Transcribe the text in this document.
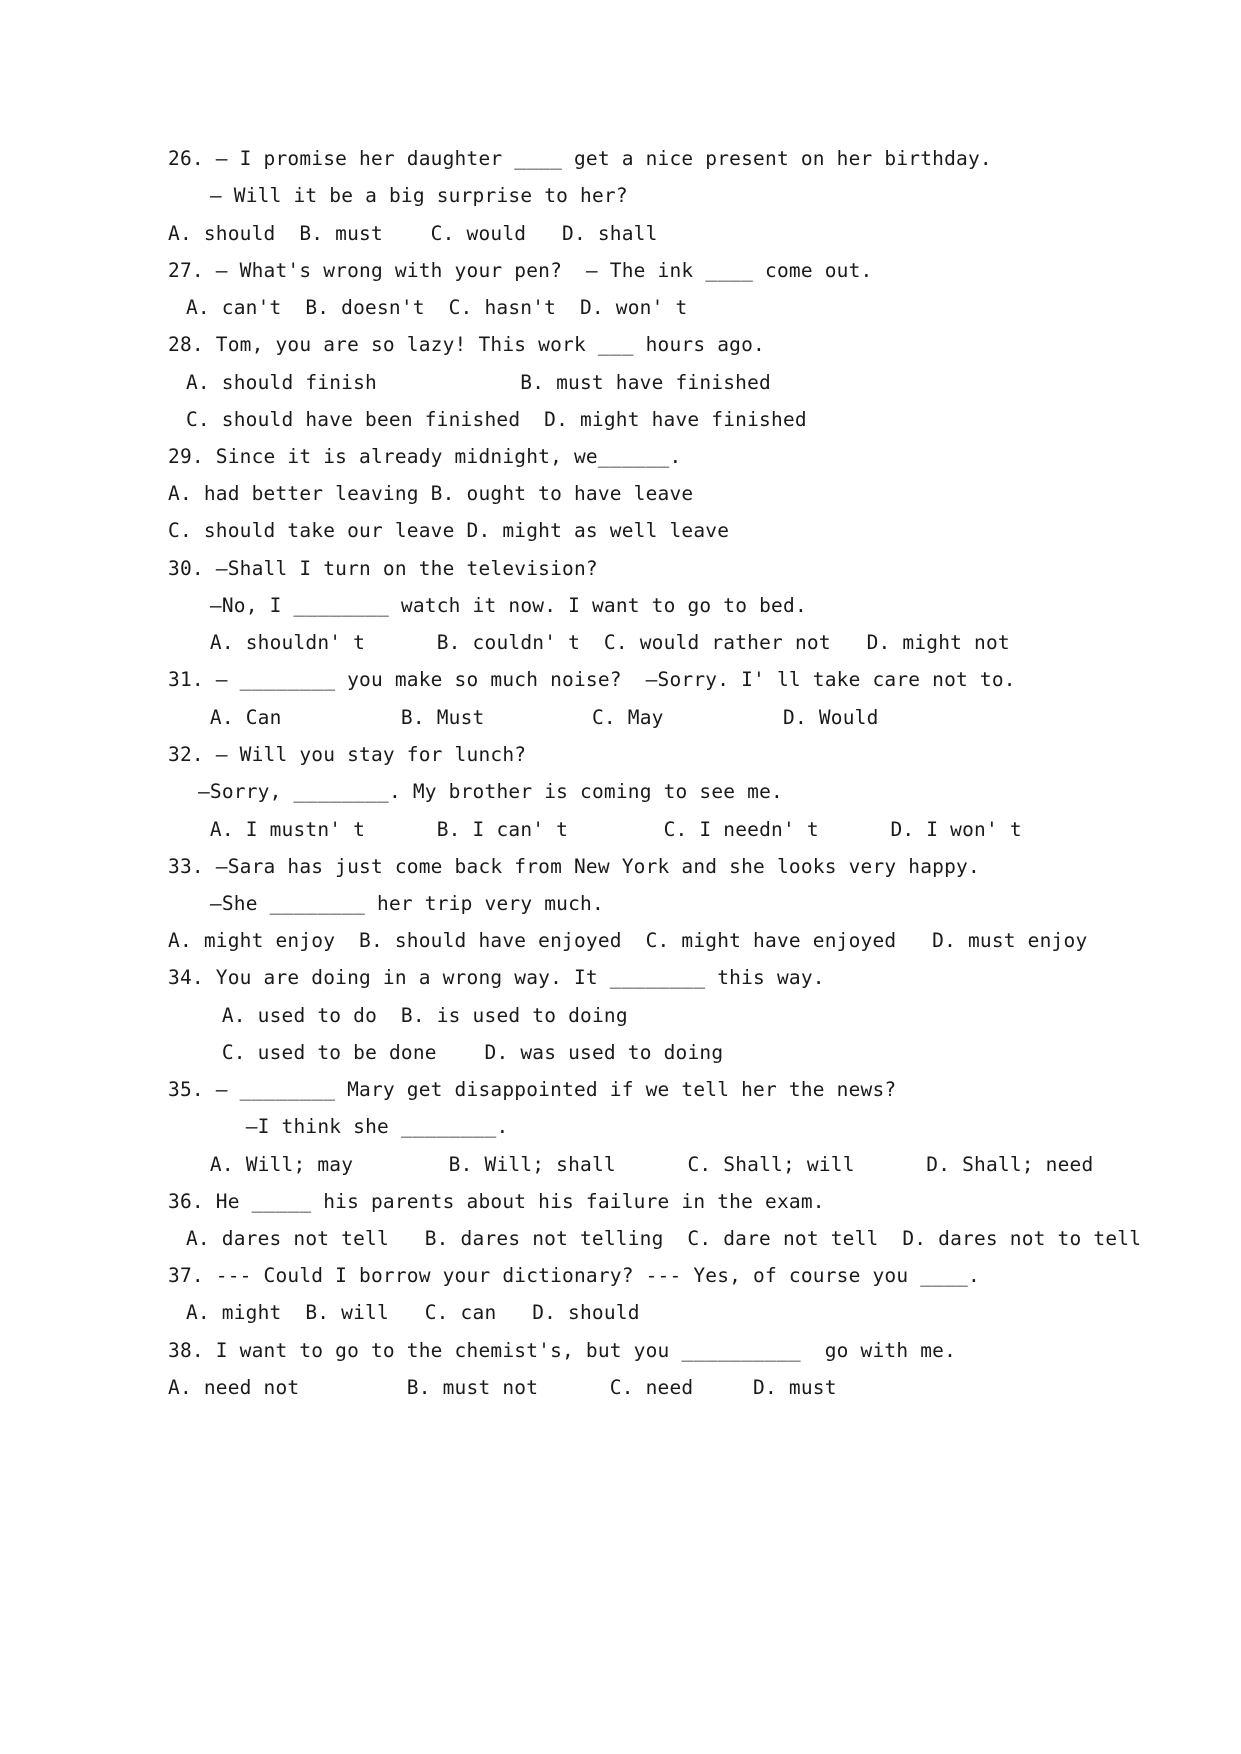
26. — I promise her daughter ____ get a nice present on her birthday.
— Will it be a big surprise to her?
A. should  B. must    C. would   D. shall
27. — What's wrong with your pen?  — The ink ____ come out.
A. can't  B. doesn't  C. hasn't  D. won' t
28. Tom, you are so lazy! This work ___ hours ago.
A. should finish            B. must have finished
C. should have been finished  D. might have finished
29. Since it is already midnight, we______.
A. had better leaving B. ought to have leave
C. should take our leave D. might as well leave
30. —Shall I turn on the television?
—No, I ________ watch it now. I want to go to bed.
A. shouldn' t      B. couldn' t  C. would rather not   D. might not
31. — ________ you make so much noise?  —Sorry. I' ll take care not to.
A. Can          B. Must         C. May          D. Would
32. — Will you stay for lunch?
—Sorry, ________. My brother is coming to see me.
A. I mustn' t      B. I can' t        C. I needn' t      D. I won' t
33. —Sara has just come back from New York and she looks very happy.
—She ________ her trip very much.
A. might enjoy  B. should have enjoyed  C. might have enjoyed   D. must enjoy
34. You are doing in a wrong way. It ________ this way.
A. used to do  B. is used to doing
C. used to be done    D. was used to doing
35. — ________ Mary get disappointed if we tell her the news?
—I think she ________.
A. Will; may        B. Will; shall      C. Shall; will      D. Shall; need
36. He _____ his parents about his failure in the exam.
A. dares not tell   B. dares not telling  C. dare not tell  D. dares not to tell
37. --- Could I borrow your dictionary? --- Yes, of course you ____.
A. might  B. will   C. can   D. should
38. I want to go to the chemist's, but you __________  go with me.
A. need not         B. must not      C. need     D. must
